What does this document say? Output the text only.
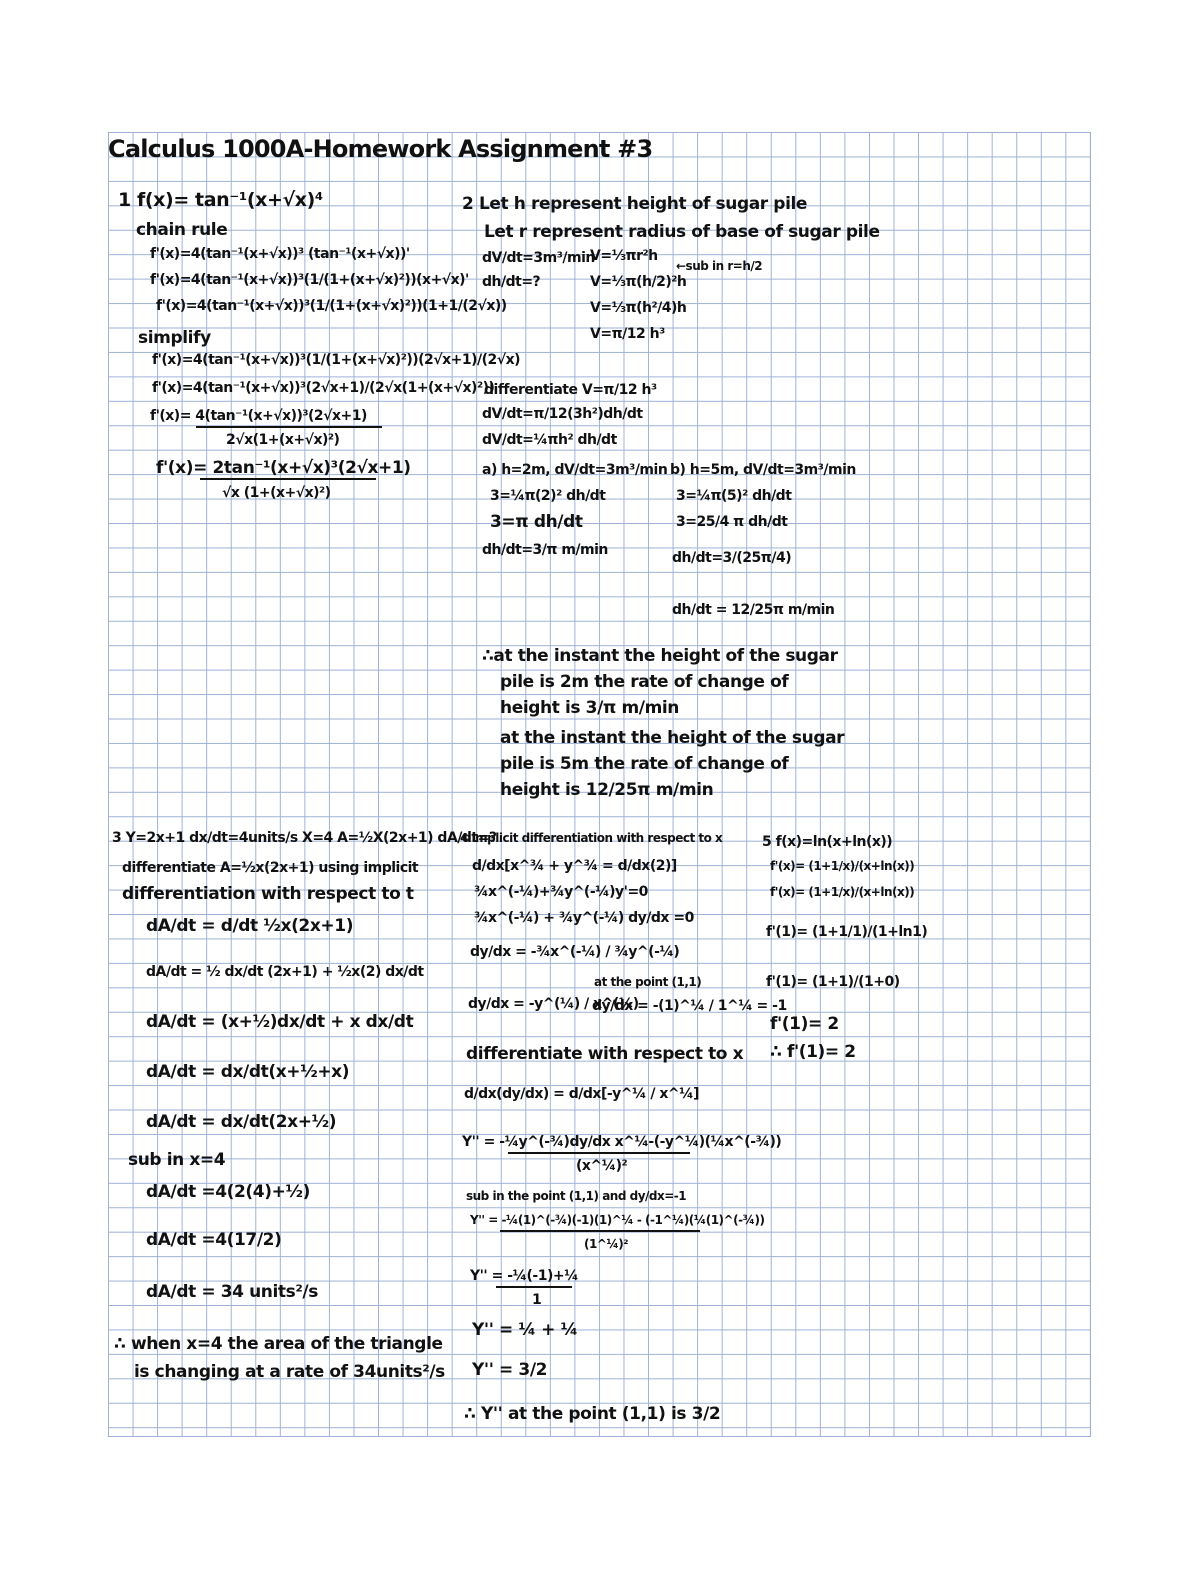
Calculus 1000A-Homework Assignment #3
1 f(x)= tan⁻¹(x+√x)⁴
chain rule
f'(x)=4(tan⁻¹(x+√x))³ (tan⁻¹(x+√x))'
f'(x)=4(tan⁻¹(x+√x))³(1/(1+(x+√x)²))(x+√x)'
f'(x)=4(tan⁻¹(x+√x))³(1/(1+(x+√x)²))(1+1/(2√x))
simplify
f'(x)=4(tan⁻¹(x+√x))³(1/(1+(x+√x)²))(2√x+1)/(2√x)
f'(x)=4(tan⁻¹(x+√x))³(2√x+1)/(2√x(1+(x+√x)²))
f'(x)= 4(tan⁻¹(x+√x))³(2√x+1)
2√x(1+(x+√x)²)
f'(x)= 2tan⁻¹(x+√x)³(2√x+1)
√x (1+(x+√x)²)
2 Let h represent height of sugar pile
Let r represent radius of base of sugar pile
dV/dt=3m³/min
V=⅓πr²h
←sub in r=h/2
dh/dt=?	V=⅓π(h/2)²h
V=⅓π(h²/4)h
V=π/12 h³
differentiate V=π/12 h³
dV/dt=π/12(3h²)dh/dt
dV/dt=¼πh² dh/dt
a) h=2m, dV/dt=3m³/min b) h=5m, dV/dt=3m³/min
3=¼π(2)² dh/dt	3=¼π(5)² dh/dt
3=π dh/dt	3=25/4 π dh/dt
dh/dt=3/π m/min	dh/dt=3/(25π/4)
dh/dt = 12/25π m/min
∴at the instant the height of the sugar
pile is 2m the rate of change of
height is 3/π m/min
at the instant the height of the sugar
pile is 5m the rate of change of
height is 12/25π m/min
3 Y=2x+1 dx/dt=4units/s X=4 A=½X(2x+1) dA/dt=?
differentiate A=½x(2x+1) using implicit
differentiation with respect to t
dA/dt = d/dt ½x(2x+1)
dA/dt = ½ dx/dt (2x+1) + ½x(2) dx/dt
dA/dt = (x+½)dx/dt + x dx/dt
dA/dt = dx/dt(x+½+x)
dA/dt = dx/dt(2x+½)
sub in x=4
dA/dt =4(2(4)+½)
dA/dt =4(17/2)
dA/dt = 34 units²/s
∴ when x=4 the area of the triangle
is changing at a rate of 34units²/s
4 implicit differentiation with respect to x
d/dx[x^¾ + y^¾ = d/dx(2)]
¾x^(-¼)+¾y^(-¼)y'=0
¾x^(-¼) + ¾y^(-¼) dy/dx =0
dy/dx = -¾x^(-¼) / ¾y^(-¼)
dy/dx = -y^(¼) / x^(¼)
at the point (1,1)
dy/dx = -(1)^¼ / 1^¼ = -1
differentiate with respect to x
d/dx(dy/dx) = d/dx[-y^¼ / x^¼]
Y'' = -¼y^(-¾)dy/dx x^¼-(-y^¼)(¼x^(-¾))
(x^¼)²
sub in the point (1,1) and dy/dx=-1
Y'' = -¼(1)^(-¾)(-1)(1)^¼ - (-1^¼)(¼(1)^(-¾))
(1^¼)²
Y'' = -¼(-1)+¼
1
Y'' = ¼ + ¼
Y'' = 3/2
∴ Y'' at the point (1,1) is 3/2
5 f(x)=ln(x+ln(x))
f'(x)= (1+1/x)/(x+ln(x))
f'(x)= (1+1/x)/(x+ln(x))
f'(1)= (1+1/1)/(1+ln1)
f'(1)= (1+1)/(1+0)
f'(1)= 2
∴ f'(1)= 2
